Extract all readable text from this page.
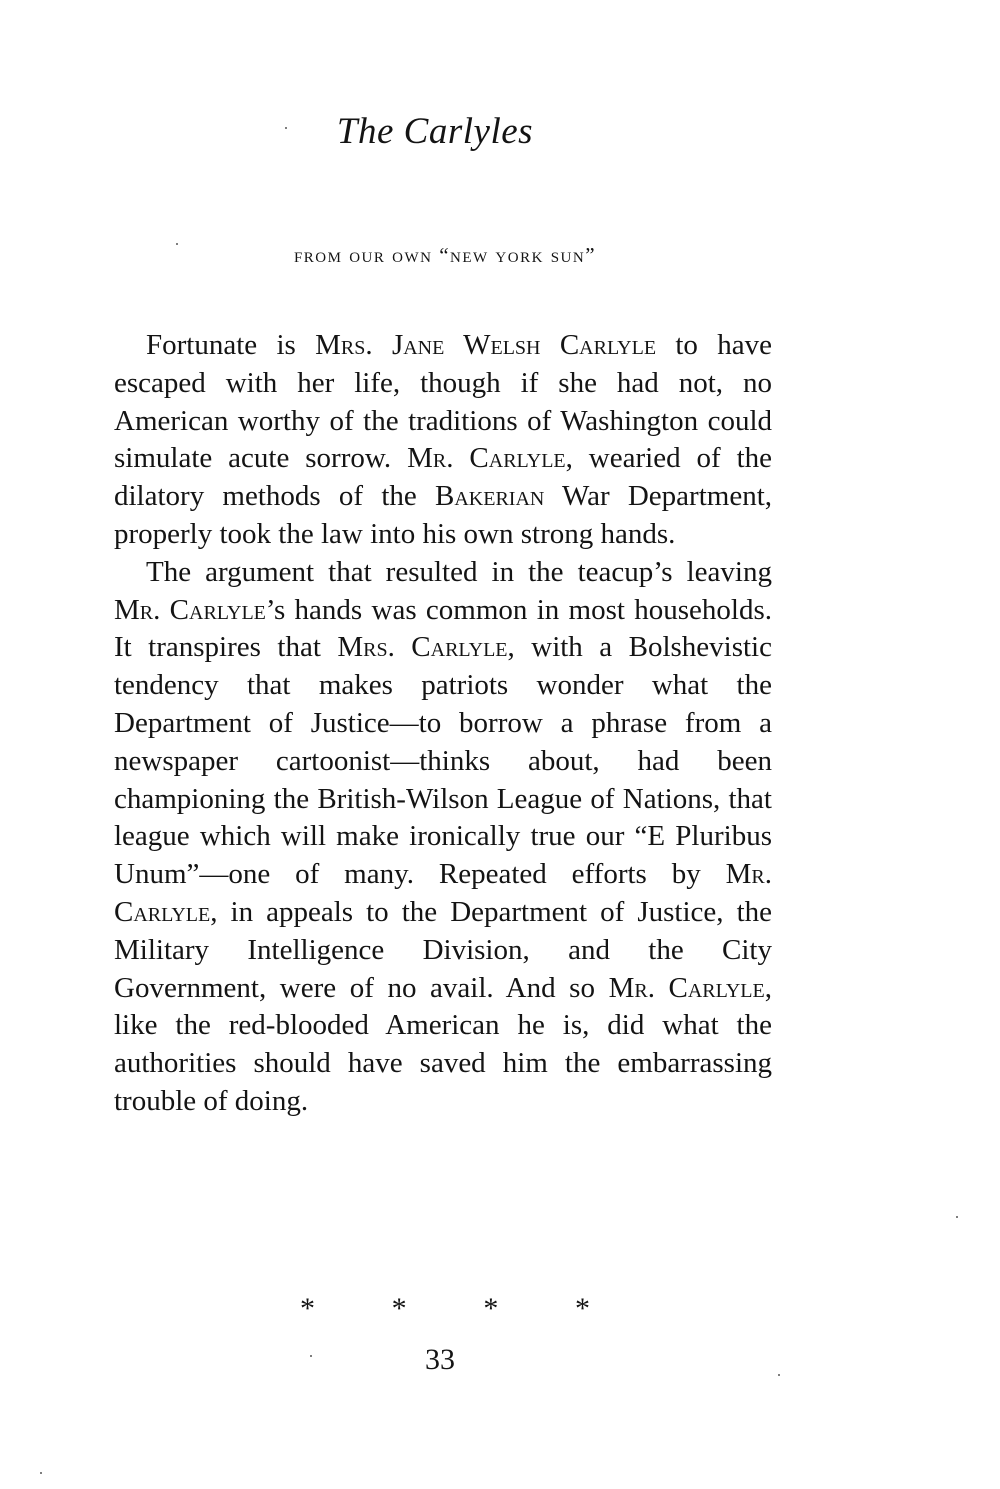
The Carlyles
from our own “new york sun”

Fortunate is Mrs. Jane Welsh Carlyle to have escaped with her life, though if she had not, no American worthy of the traditions of Washington could simulate acute sorrow. Mr. Carlyle, wearied of the dilatory methods of the Bakerian War Department, properly took the law into his own strong hands.

The argument that resulted in the teacup’s leaving Mr. Carlyle’s hands was common in most households. It transpires that Mrs. Carlyle, with a Bolshevistic tendency that makes patriots wonder what the Department of Justice—to borrow a phrase from a newspaper cartoonist—thinks about, had been championing the British-Wilson League of Nations, that league which will make ironically true our “E Pluribus Unum”—one of many. Repeated efforts by Mr. Carlyle, in appeals to the Department of Justice, the Military Intelligence Division, and the City Government, were of no avail. And so Mr. Carlyle, like the red-blooded American he is, did what the authorities should have saved him the embarrassing trouble of doing.

*	*	*	*
33
